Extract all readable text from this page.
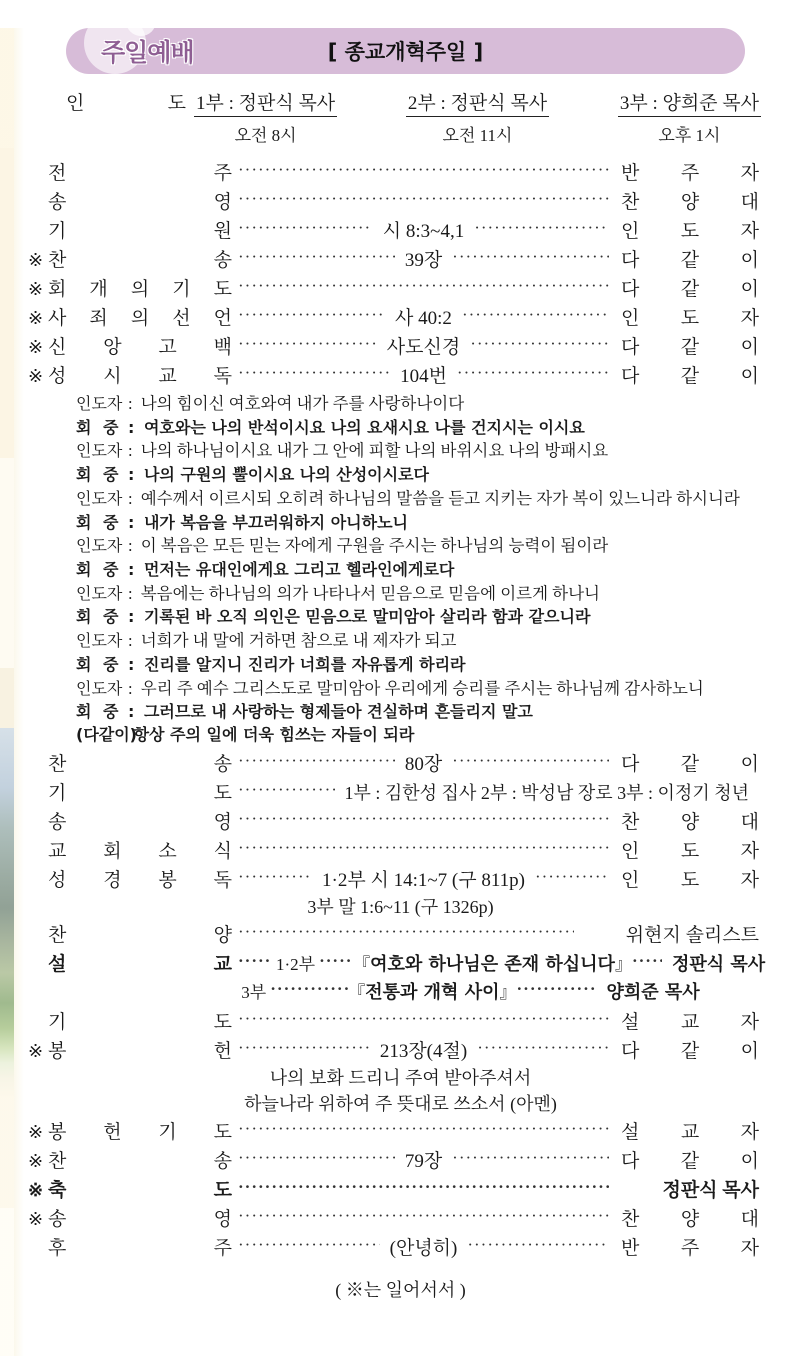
주일예배	[ 종교개혁주일 ]
인	도 1부 : 정판식 목사
오전 8시
2부 : 정판식 목사
오전 11시
3부 : 양희준 목사
오후 1시
전	주 ·····	반 주 자
송	영 ·····	찬 양 대
기	원 ·····	시 8:3~4,1 ·····	인 도 자
※ 찬	송 ·····	39장 ·····	다 같 이
※ 회 개 의 기 도 ·····	다 같 이
※ 사 죄 의 선 언 ·····	사 40:2 ·····	인 도 자
※ 신 앙 고 백 ·····	사도신경 ·····	다 같 이
※ 성 시 교 독 ·····	104번 ·····	다 같 이
인도자 : 나의 힘이신 여호와여 내가 주를 사랑하나이다
회 중 : 여호와는 나의 반석이시요 나의 요새시요 나를 건지시는 이시요
인도자 : 나의 하나님이시요 내가 그 안에 피할 나의 바위시요 나의 방패시요
회 중 : 나의 구원의 뿔이시요 나의 산성이시로다
인도자 : 예수께서 이르시되 오히려 하나님의 말씀을 듣고 지키는 자가 복이 있느니라 하시니라
회 중 : 내가 복음을 부끄러워하지 아니하노니
인도자 : 이 복음은 모든 믿는 자에게 구원을 주시는 하나님의 능력이 됨이라
회 중 : 먼저는 유대인에게요 그리고 헬라인에게로다
인도자 : 복음에는 하나님의 의가 나타나서 믿음으로 믿음에 이르게 하나니
회 중 : 기록된 바 오직 의인은 믿음으로 말미암아 살리라 함과 같으니라
인도자 : 너희가 내 말에 거하면 참으로 내 제자가 되고
회 중 : 진리를 알지니 진리가 너희를 자유롭게 하리라
인도자 : 우리 주 예수 그리스도로 말미암아 우리에게 승리를 주시는 하나님께 감사하노니
회 중 : 그러므로 내 사랑하는 형제들아 견실하며 흔들리지 말고
(다같이) 항상 주의 일에 더욱 힘쓰는 자들이 되라
찬	송 ·····	80장 ·····	다 같 이
기	도 ·····	1부 : 김한성 집사 2부 : 박성남 장로 3부 : 이정기 청년
송	영 ·····	찬 양 대
교 회 소 식 ·····	인 도 자
성 경 봉 독 ·····	1·2부 시 14:1~7 (구 811p) ·····	인 도 자
3부 말 1:6~11 (구 1326p)
찬	양 ·····	위현지 솔리스트
설	교 ·····	1·2부 ····· 『여호와 하나님은 존재 하십니다』 ·····	정판식 목사
3부 ·····	『전통과 개혁 사이』 ·····	양희준 목사
기	도 ·····	설 교 자
※ 봉	헌 ·····	213장(4절) ·····	다 같 이
나의 보화 드리니 주여 받아주셔서
하늘나라 위하여 주 뜻대로 쓰소서 (아멘)
※ 봉 헌 기 도 ·····	설 교 자
※ 찬	송 ·····	79장 ·····	다 같 이
※ 축	도 ·····	정판식 목사
※ 송	영 ·····	찬 양 대
후	주 ·····	(안녕히) ·····	반 주 자
( ※는 일어서서 )
